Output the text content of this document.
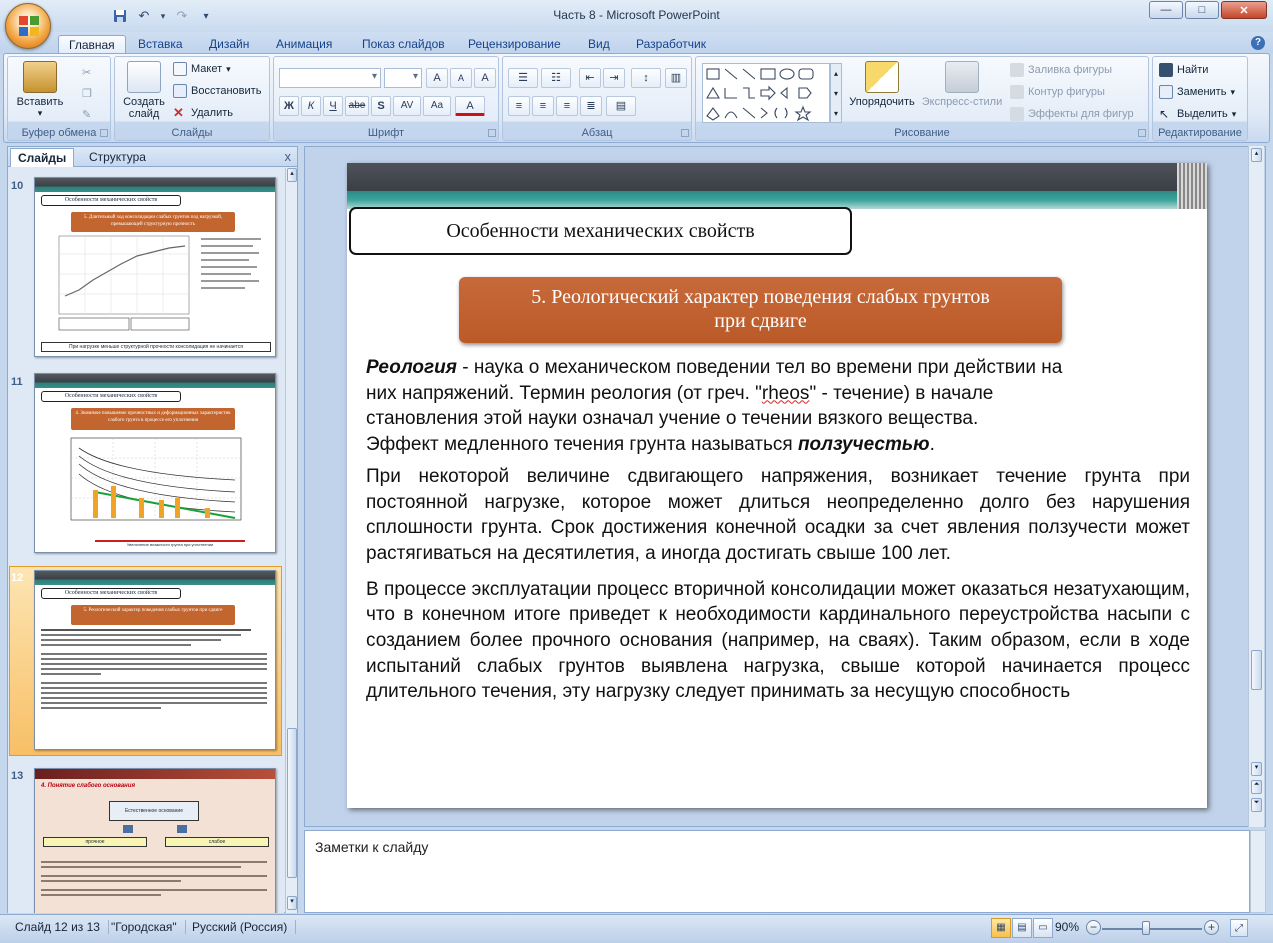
Часть 8 - Microsoft PowerPoint
↶	▾ ↷	▾	—	□	✕
Главная	Вставка	Дизайн	Анимация	Показ слайдов	Рецензирование	Вид	Разработчик	?
Вставить
▾
✂
❐
✎
Буфер обмена
Создать
слайд
Макет ▾
Восстановить
✕ Удалить
Слайды
▾
▾
A	A	A
Ж	К	Ч	abe	S	AV	Aa	A
Шрифт
☰	☷	⇤	⇥	↕	▥
≡	≡	≡	≣	▤
Абзац
▴
▾
▾
Упорядочить Экспресс-стили
Заливка фигуры
Контур фигуры
Эффекты для фигур
Рисование
Найти
Заменить ▾
↖ Выделить ▾
Редактирование
Слайды	Структура	x
10
Особенности механических свойств
5. Длительный ход консолидации слабых грунтов под нагрузкой, превышающей структурную прочность
При нагрузке меньше структурной прочности консолидация не начинается
11
Особенности механических свойств
4. Значимое повышение прочностных и деформационных характеристик слабого грунта в процессе его уплотнения
Увеличение влажности грунта при уплотнении
12
Особенности механических свойств
5. Реологический характер поведения слабых грунтов при сдвиге
13
4. Понятие слабого основания
Естественное основание
прочное	слабое
▴
▾
Особенности механических свойств
5. Реологический характер поведения слабых грунтов
при сдвиге

Реология - наука о механическом поведении тел во времени при действии на
них напряжений. Термин реология (от греч. "rheos" - течение) в начале
становления этой науки означал учение о течении вязкого вещества.
Эффект медленного течения грунта называться ползучестью.

При некоторой величине сдвигающего напряжения, возникает течение грунта при постоянной нагрузке, которое может длиться неопределенно долго без нарушения сплошности грунта. Срок достижения конечной осадки за счет явления ползучести может растягиваться на десятилетия, а иногда достигать свыше 100 лет.

В процессе эксплуатации процесс вторичной консолидации может оказаться незатухающим, что в конечном итоге приведет к необходимости кардинального переустройства насыпи с созданием более прочного основания (например, на сваях). Таким образом, если в ходе испытаний слабых грунтов выявлена нагрузка, свыше которой начинается процесс длительного течения, эту нагрузку следует принимать за несущую способность

▴
▾
⏶
⏷
Заметки к слайду
Слайд 12 из 13 "Городская"	Русский (Россия)	▦	▤	▭ 90% −	+	⤢
